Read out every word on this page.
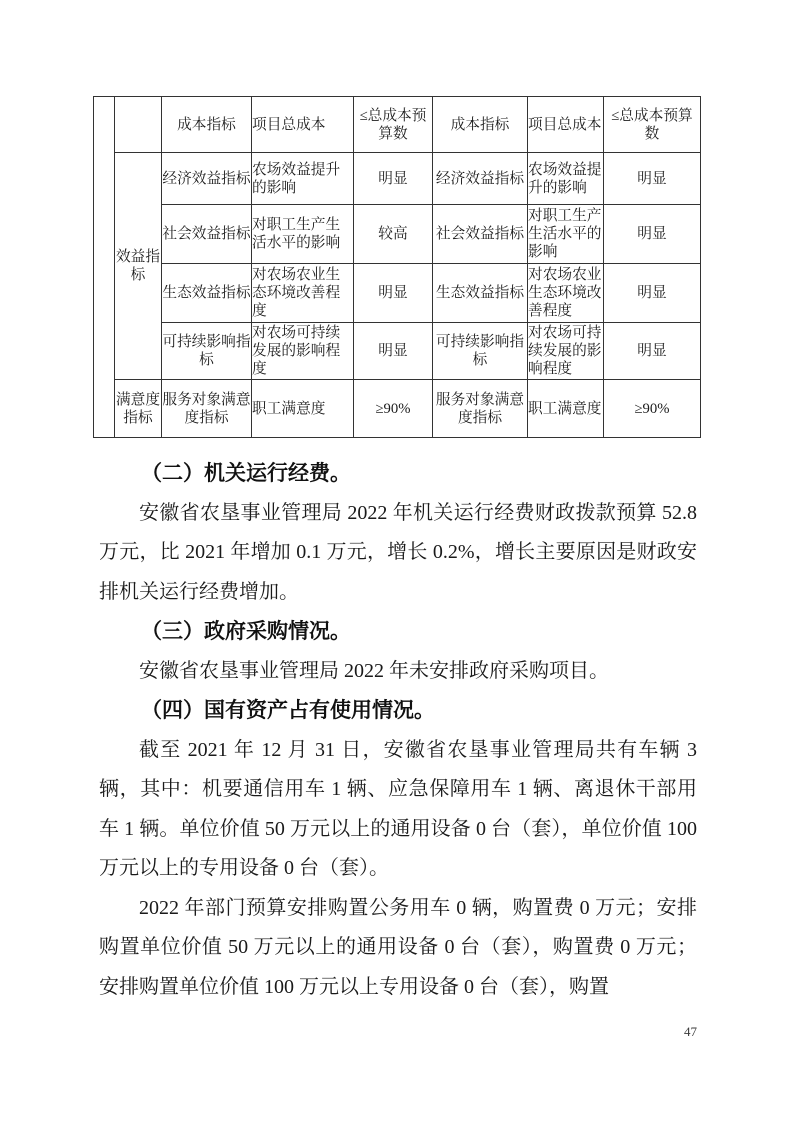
		成本指标	项目总成本	≤总成本预算数	成本指标	项目总成本	≤总成本预算数
	效益指标	经济效益指标	农场效益提升的影响	明显	经济效益指标	农场效益提升的影响	明显
		社会效益指标	对职工生产生活水平的影响	较高	社会效益指标	对职工生产生活水平的影响	明显
		生态效益指标	对农场农业生态环境改善程度	明显	生态效益指标	对农场农业生态环境改善程度	明显
		可持续影响指标	对农场可持续发展的影响程度	明显	可持续影响指标	对农场可持续发展的影响程度	明显
	满意度指标	服务对象满意度指标	职工满意度	≥90%	服务对象满意度指标	职工满意度	≥90%
（二）机关运行经费。

安徽省农垦事业管理局 2022 年机关运行经费财政拨款预算 52.8 万元，比 2021 年增加 0.1 万元，增长 0.2%，增长主要原因是财政安排机关运行经费增加。

（三）政府采购情况。

安徽省农垦事业管理局 2022 年未安排政府采购项目。

（四）国有资产占有使用情况。

截至 2021 年 12 月 31 日，安徽省农垦事业管理局共有车辆 3 辆，其中：机要通信用车 1 辆、应急保障用车 1 辆、离退休干部用车 1 辆。单位价值 50 万元以上的通用设备 0 台（套），单位价值 100 万元以上的专用设备 0 台（套）。

2022 年部门预算安排购置公务用车 0 辆，购置费 0 万元；安排购置单位价值 50 万元以上的通用设备 0 台（套），购置费 0 万元；安排购置单位价值 100 万元以上专用设备 0 台（套），购置

47
